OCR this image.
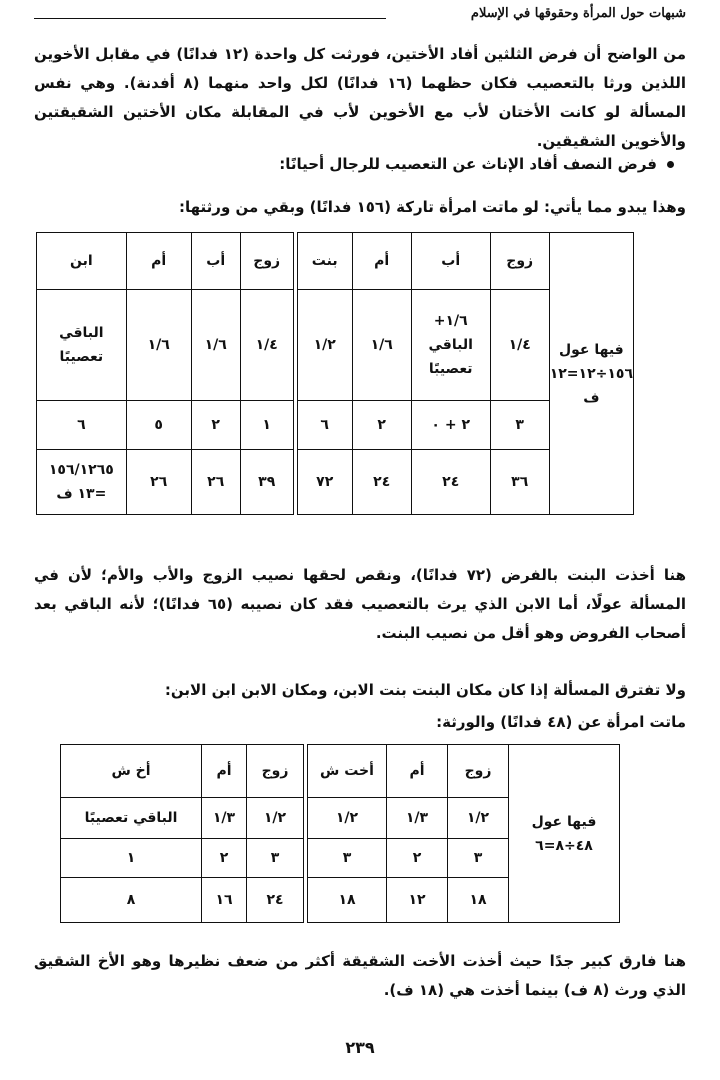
شبهات حول المرأة وحقوقها في الإسلام

من الواضح أن فرض الثلثين أفاد الأختين، فورثت كل واحدة (١٢ فدانًا) في مقابل الأخوين اللذين ورثا بالتعصيب فكان حظهما (١٦ فدانًا) لكل واحد منهما (٨ أفدنة). وهي نفس المسألة لو كانت الأختان لأب مع الأخوين لأب في المقابلة مكان الأختين الشقيقتين والأخوين الشقيقين.

فرض النصف أفاد الإناث عن التعصيب للرجال أحيانًا:

وهذا يبدو مما يأتي: لو ماتت امرأة تاركة (١٥٦ فدانًا) وبقي من ورثتها:

فيها عول ١٥٦÷١٢=١٢ ف	زوج	أب	أم	بنت		زوج	أب	أم	ابن
	١/٤	١/٦+ الباقي تعصيبًا	١/٦	١/٢		١/٤	١/٦	١/٦	الباقي تعصيبًا
	٣	٢ + ٠	٢	٦		١	٢	٥	٦
	٣٦	٢٤	٢٤	٧٢		٣٩	٢٦	٢٦	١٥٦/١٢٦٥ =١٣ ف

هنا أخذت البنت بالفرض (٧٢ فدانًا)، ونقص لحقها نصيب الزوج والأب والأم؛ لأن في المسألة عولًا، أما الابن الذي يرث بالتعصيب فقد كان نصيبه (٦٥ فدانًا)؛ لأنه الباقي بعد أصحاب الفروض وهو أقل من نصيب البنت.

ولا تفترق المسألة إذا كان مكان البنت بنت الابن، ومكان الابن ابن الابن:

ماتت امرأة عن (٤٨ فدانًا) والورثة:

فيها عول ٤٨÷٨=٦	زوج	أم	أخت ش		زوج	أم	أخ ش
	١/٢	١/٣	١/٢		١/٢	١/٣	الباقي تعصيبًا
	٣	٢	٣		٣	٢	١
	١٨	١٢	١٨		٢٤	١٦	٨

هنا فارق كبير جدًا حيث أخذت الأخت الشقيقة أكثر من ضعف نظيرها وهو الأخ الشقيق الذي ورث (٨ ف) بينما أخذت هي (١٨ ف).

٢٣٩
